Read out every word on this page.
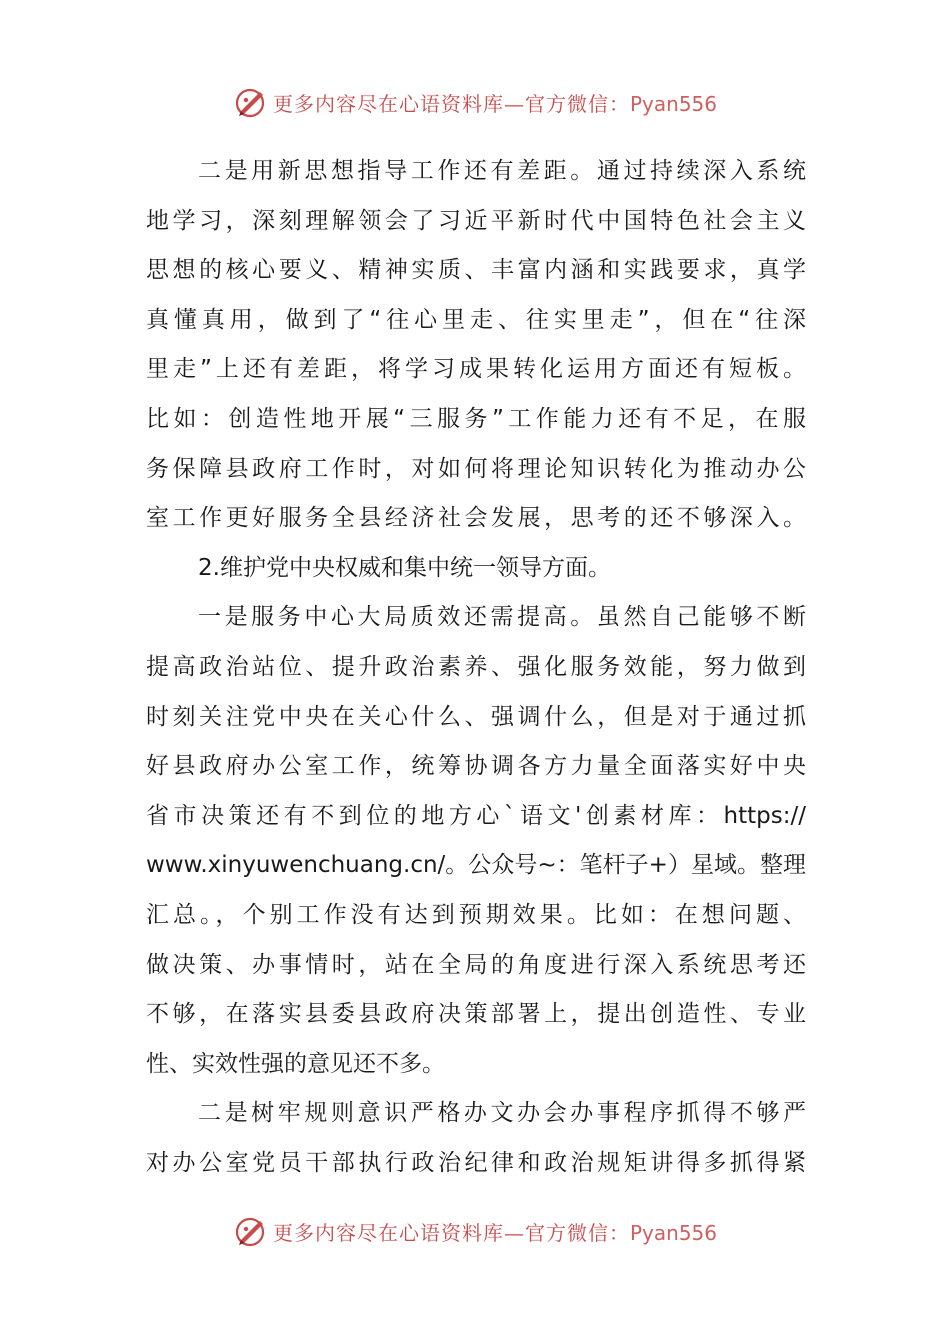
更多内容尽在心语资料库—官方微信：Pyan556
二是用新思想指导工作还有差距。通过持续深入系统
地学习，深刻理解领会了习近平新时代中国特色社会主义
思想的核心要义、精神实质、丰富内涵和实践要求，真学
真懂真用，做到了“往心里走、往实里走”，但在“往深
里走”上还有差距，将学习成果转化运用方面还有短板。
比如：创造性地开展“三服务”工作能力还有不足，在服
务保障县政府工作时，对如何将理论知识转化为推动办公
室工作更好服务全县经济社会发展，思考的还不够深入。
2.维护党中央权威和集中统一领导方面。
一是服务中心大局质效还需提高。虽然自己能够不断
提高政治站位、提升政治素养、强化服务效能，努力做到
时刻关注党中央在关心什么、强调什么，但是对于通过抓
好县政府办公室工作，统筹协调各方力量全面落实好中央
省市决策还有不到位的地方心`语文'创素材库：https://
www.xinyuwenchuang.cn/。公众号~：笔杆子+）星域。整理
汇总。，个别工作没有达到预期效果。比如：在想问题、
做决策、办事情时，站在全局的角度进行深入系统思考还
不够，在落实县委县政府决策部署上，提出创造性、专业
性、实效性强的意见还不多。
二是树牢规则意识严格办文办会办事程序抓得不够严
对办公室党员干部执行政治纪律和政治规矩讲得多抓得紧
更多内容尽在心语资料库—官方微信：Pyan556
